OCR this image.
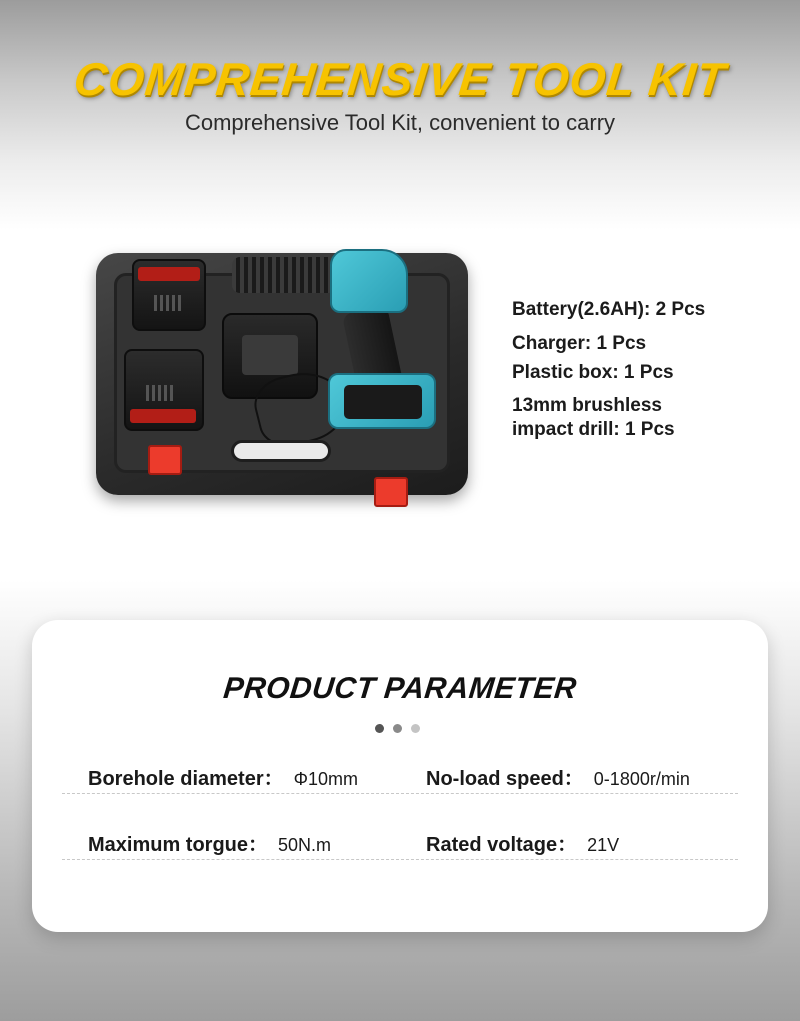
COMPREHENSIVE TOOL KIT

Comprehensive Tool Kit, convenient to carry

Battery(2.6AH): 2 Pcs
Charger: 1 Pcs
Plastic box: 1 Pcs
13mm brushless
impact drill: 1 Pcs
PRODUCT PARAMETER
Borehole diameter： Φ10mm	No-load speed： 0-1800r/min
Maximum torgue： 50N.m	Rated voltage： 21V
